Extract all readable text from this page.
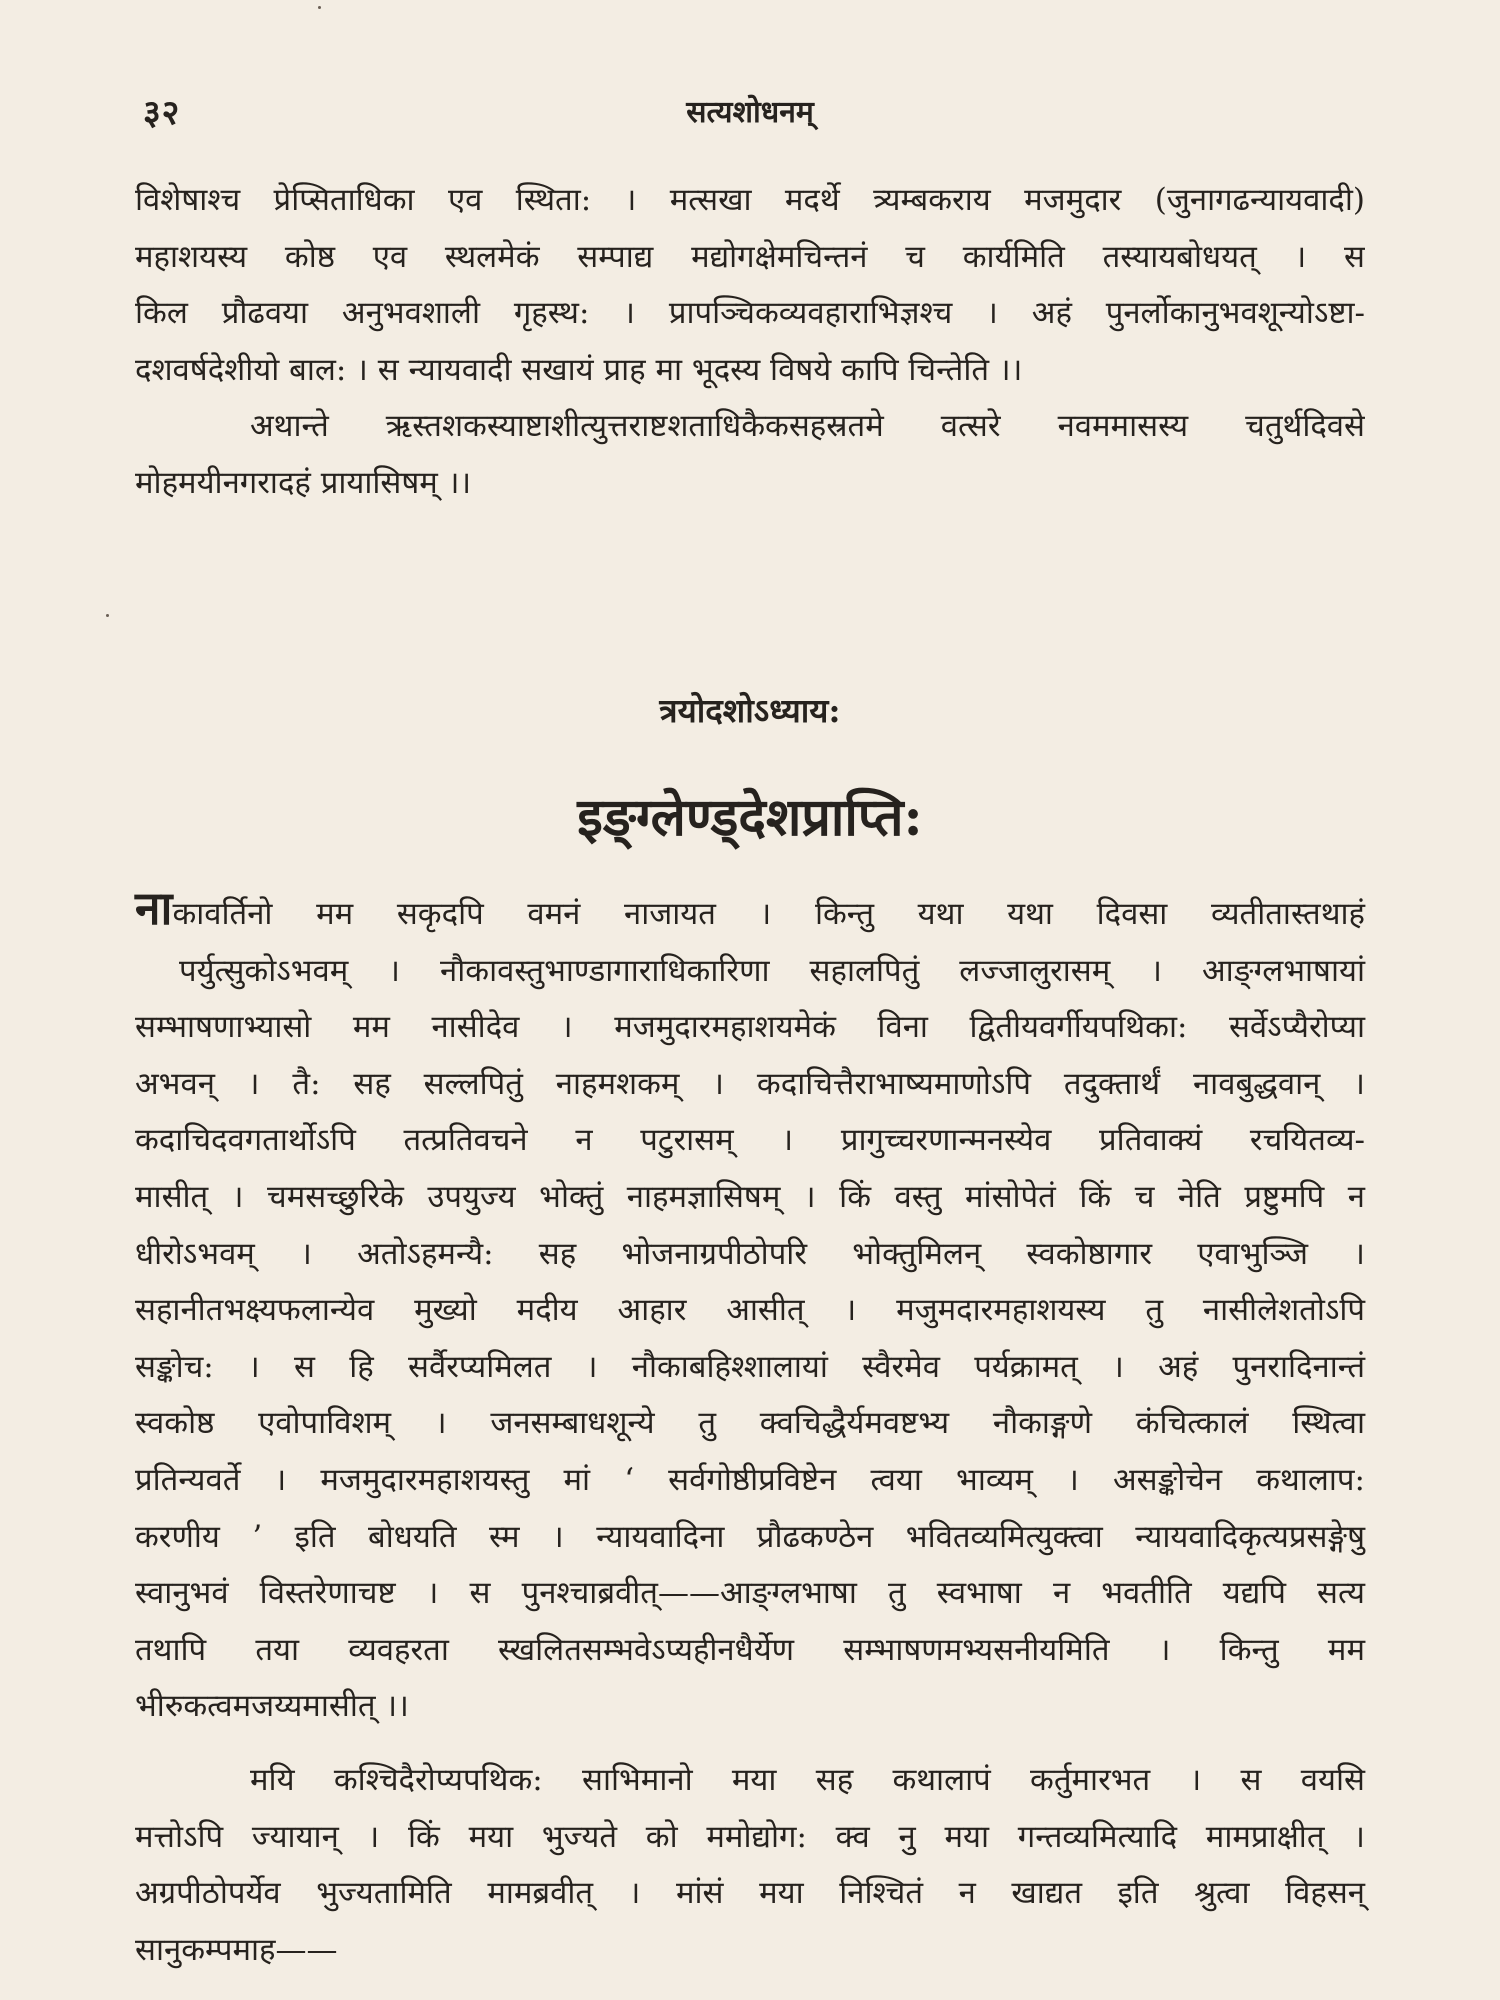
३२	सत्यशोधनम्
विशेषाश्च प्रेप्सिताधिका एव स्थिता: । मत्सखा मदर्थे त्र्यम्बकराय मजमुदार (जुनागढन्यायवादी)
महाशयस्य कोष्ठ एव स्थलमेकं सम्पाद्य मद्योगक्षेमचिन्तनं च कार्यमिति तस्यायबोधयत् । स
किल प्रौढवया अनुभवशाली गृहस्थ: । प्रापञ्चिकव्यवहाराभिज्ञश्च । अहं पुनर्लोकानुभवशून्योऽष्टा-
दशवर्षदेशीयो बाल: । स न्यायवादी सखायं प्राह मा भूदस्य विषये कापि चिन्तेति ।।
अथान्ते ऋस्तशकस्याष्टाशीत्युत्तराष्टशताधिकैकसहस्रतमे वत्सरे नवममासस्य चतुर्थदिवसे
मोहमयीनगरादहं प्रायासिषम् ।।
त्रयोदशोऽध्याय:
इङ्ग्लेण्ड्देशप्राप्ति:
नाकावर्तिनो मम सकृदपि वमनं नाजायत । किन्तु यथा यथा दिवसा व्यतीतास्तथाहं
पर्युत्सुकोऽभवम् । नौकावस्तुभाण्डागाराधिकारिणा सहालपितुं लज्जालुरासम् । आङ्ग्लभाषायां
सम्भाषणाभ्यासो मम नासीदेव । मजमुदारमहाशयमेकं विना द्वितीयवर्गीयपथिका: सर्वेऽप्यैरोप्या
अभवन् । तै: सह सल्लपितुं नाहमशकम् । कदाचित्तैराभाष्यमाणोऽपि तदुक्तार्थं नावबुद्धवान् ।
कदाचिदवगतार्थोऽपि तत्प्रतिवचने न पटुरासम् । प्रागुच्चरणान्मनस्येव प्रतिवाक्यं रचयितव्य-
मासीत् । चमसच्छुरिके उपयुज्य भोक्तुं नाहमज्ञासिषम् । किं वस्तु मांसोपेतं किं च नेति प्रष्टुमपि न
धीरोऽभवम् । अतोऽहमन्यै: सह भोजनाग्रपीठोपरि भोक्तुमिलन् स्वकोष्ठागार एवाभुञ्जि ।
सहानीतभक्ष्यफलान्येव मुख्यो मदीय आहार आसीत् । मजुमदारमहाशयस्य तु नासीलेशतोऽपि
सङ्कोच: । स हि सर्वैरप्यमिलत । नौकाबहिश्शालायां स्वैरमेव पर्यक्रामत् । अहं पुनरादिनान्तं
स्वकोष्ठ एवोपाविशम् । जनसम्बाधशून्ये तु क्वचिद्धैर्यमवष्टभ्य नौकाङ्गणे कंचित्कालं स्थित्वा
प्रतिन्यवर्ते । मजमुदारमहाशयस्तु मां ‘ सर्वगोष्ठीप्रविष्टेन त्वया भाव्यम् । असङ्कोचेन कथालाप:
करणीय ’ इति बोधयति स्म । न्यायवादिना प्रौढकण्ठेन भवितव्यमित्युक्त्वा न्यायवादिकृत्यप्रसङ्गेषु
स्वानुभवं विस्तरेणाचष्ट । स पुनश्चाब्रवीत्——आङ्ग्लभाषा तु स्वभाषा न भवतीति यद्यपि सत्य
तथापि तया व्यवहरता स्खलितसम्भवेऽप्यहीनधैर्येण सम्भाषणमभ्यसनीयमिति । किन्तु मम
भीरुकत्वमजय्यमासीत् ।।
मयि कश्चिदैरोप्यपथिक: साभिमानो मया सह कथालापं कर्तुमारभत । स वयसि
मत्तोऽपि ज्यायान् । किं मया भुज्यते को ममोद्योग: क्व नु मया गन्तव्यमित्यादि मामप्राक्षीत् ।
अग्रपीठोपर्येव भुज्यतामिति मामब्रवीत् । मांसं मया निश्चितं न खाद्यत इति श्रुत्वा विहसन्
सानुकम्पमाह——
